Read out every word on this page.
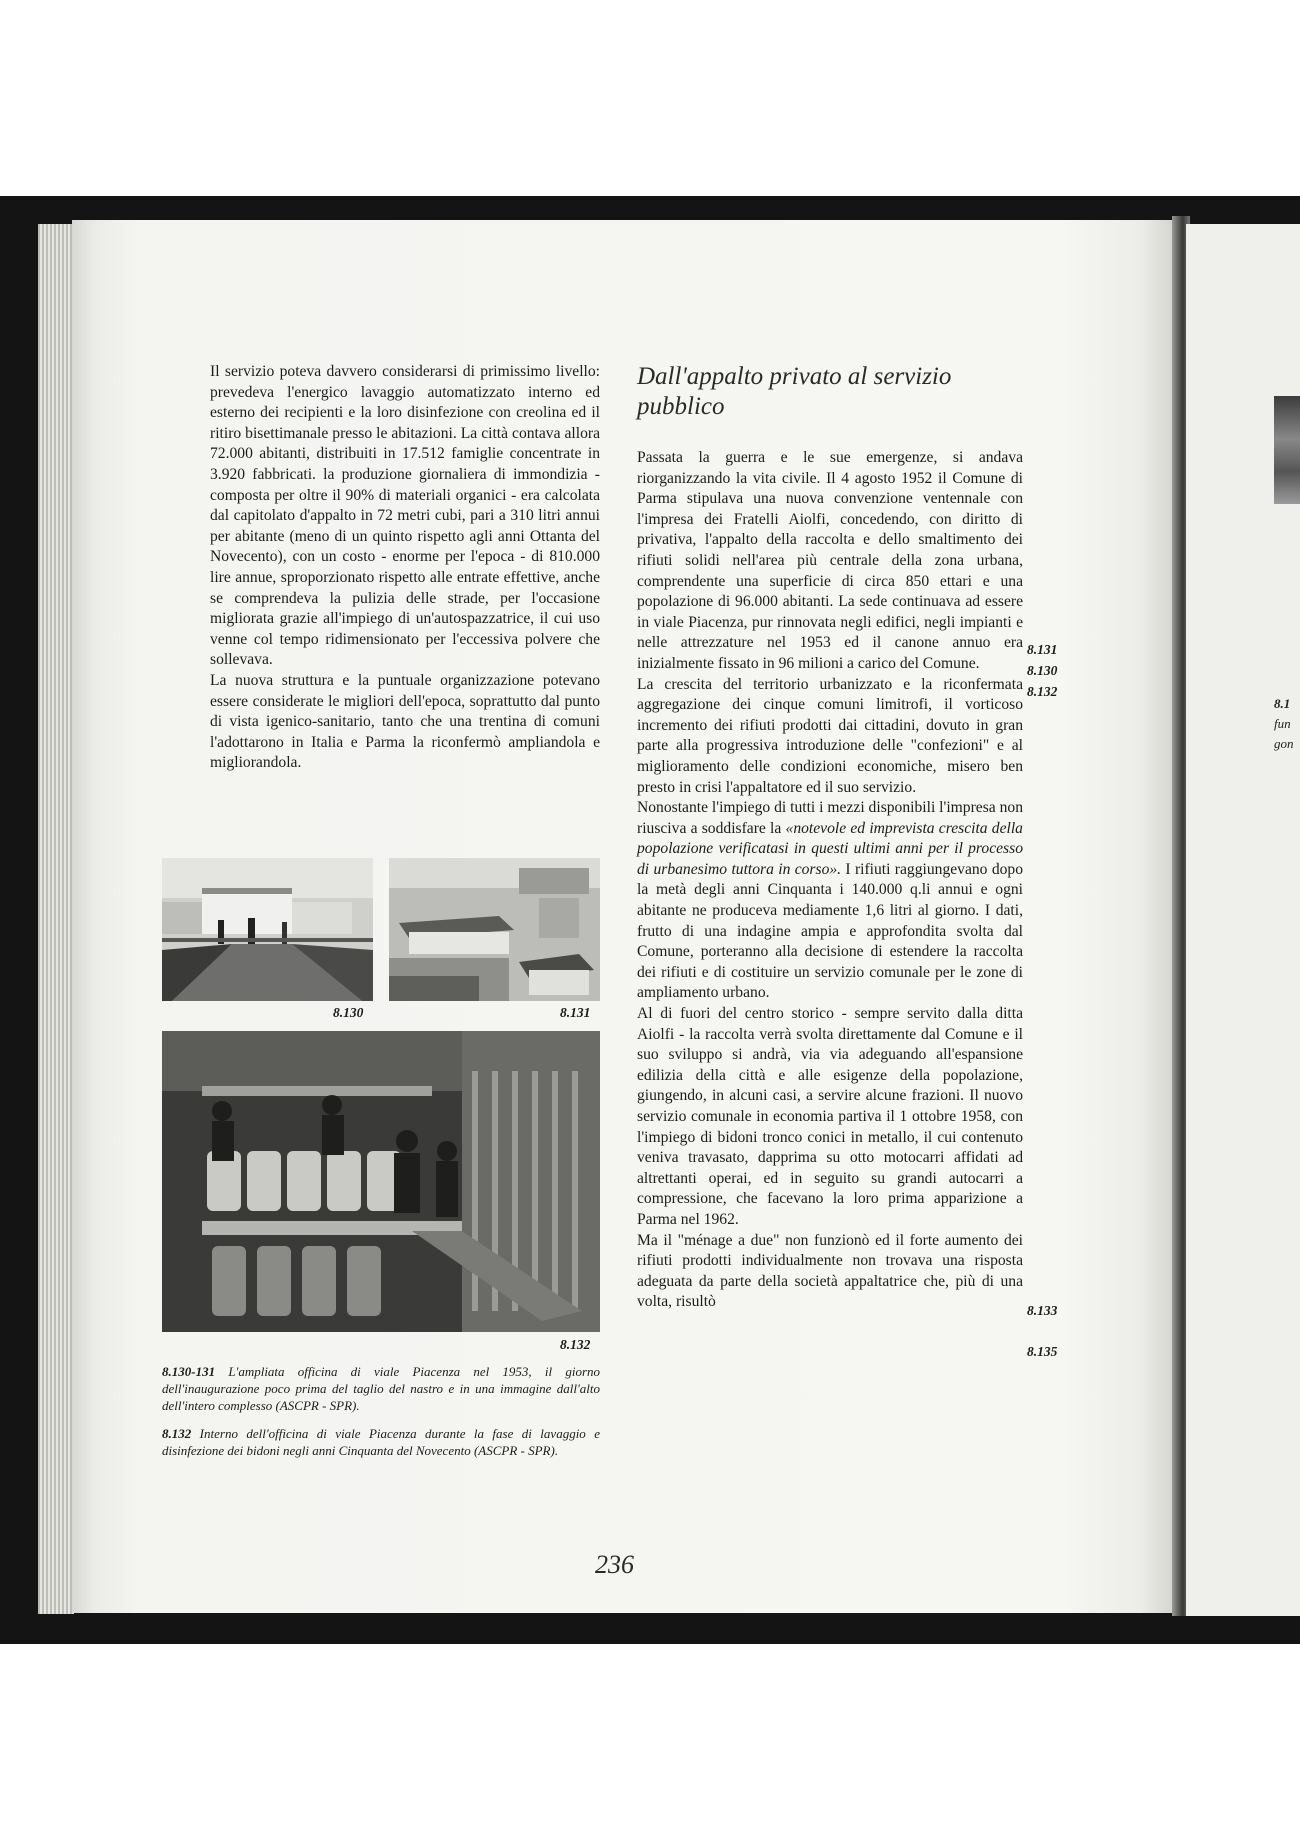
8.1
fun
gon

Il servizio poteva davvero considerarsi di primissimo livello: prevedeva l'energico lavaggio automatizzato interno ed esterno dei recipienti e la loro disinfezione con creolina ed il ritiro bisettimanale presso le abitazioni. La città contava allora 72.000 abitanti, distribuiti in 17.512 famiglie concentrate in 3.920 fabbricati. la produzione giornaliera di immondizia - composta per oltre il 90% di materiali organici - era calcolata dal capitolato d'appalto in 72 metri cubi, pari a 310 litri annui per abitante (meno di un quinto rispetto agli anni Ottanta del Novecento), con un costo - enorme per l'epoca - di 810.000 lire annue, sproporzionato rispetto alle entrate effettive, anche se comprendeva la pulizia delle strade, per l'occasione migliorata grazie all'impiego di un'autospazzatrice, il cui uso venne col tempo ridimensionato per l'eccessiva polvere che sollevava.

La nuova struttura e la puntuale organizzazione potevano essere considerate le migliori dell'epoca, soprattutto dal punto di vista igenico-sanitario, tanto che una trentina di comuni l'adottarono in Italia e Parma la riconfermò ampliandola e migliorandola.

Dall'appalto privato al servizio pubblico

Passata la guerra e le sue emergenze, si andava riorganizzando la vita civile. Il 4 agosto 1952 il Comune di Parma stipulava una nuova convenzione ventennale con l'impresa dei Fratelli Aiolfi, concedendo, con diritto di privativa, l'appalto della raccolta e dello smaltimento dei rifiuti solidi nell'area più centrale della zona urbana, comprendente una superficie di circa 850 ettari e una popolazione di 96.000 abitanti. La sede continuava ad essere in viale Piacenza, pur rinnovata negli edifici, negli impianti e nelle attrezzature nel 1953 ed il canone annuo era inizialmente fissato in 96 milioni a carico del Comune.

La crescita del territorio urbanizzato e la riconfermata aggregazione dei cinque comuni limitrofi, il vorticoso incremento dei rifiuti prodotti dai cittadini, dovuto in gran parte alla progressiva introduzione delle "confezioni" e al miglioramento delle condizioni economiche, misero ben presto in crisi l'appaltatore ed il suo servizio.

Nonostante l'impiego di tutti i mezzi disponibili l'impresa non riusciva a soddisfare la «notevole ed imprevista crescita della popolazione verificatasi in questi ultimi anni per il processo di urbanesimo tuttora in corso». I rifiuti raggiungevano dopo la metà degli anni Cinquanta i 140.000 q.li annui e ogni abitante ne produceva mediamente 1,6 litri al giorno. I dati, frutto di una indagine ampia e approfondita svolta dal Comune, porteranno alla decisione di estendere la raccolta dei rifiuti e di costituire un servizio comunale per le zone di ampliamento urbano.

Al di fuori del centro storico - sempre servito dalla ditta Aiolfi - la raccolta verrà svolta direttamente dal Comune e il suo sviluppo si andrà, via via adeguando all'espansione edilizia della città e alle esigenze della popolazione, giungendo, in alcuni casi, a servire alcune frazioni. Il nuovo servizio comunale in economia partiva il 1 ottobre 1958, con l'impiego di bidoni tronco conici in metallo, il cui contenuto veniva travasato, dapprima su otto motocarri affidati ad altrettanti operai, ed in seguito su grandi autocarri a compressione, che facevano la loro prima apparizione a Parma nel 1962.

Ma il "ménage a due" non funzionò ed il forte aumento dei rifiuti prodotti individualmente non trovava una risposta adeguata da parte della società appaltatrice che, più di una volta, risultò

8.131
8.130
8.132
8.133
8.135
8.130	8.131
8.132

8.130-131 L'ampliata officina di viale Piacenza nel 1953, il giorno dell'inaugurazione poco prima del taglio del nastro e in una immagine dall'alto dell'intero complesso (ASCPR - SPR).

8.132 Interno dell'officina di viale Piacenza durante la fase di lavaggio e disinfezione dei bidoni negli anni Cinquanta del Novecento (ASCPR - SPR).

236
